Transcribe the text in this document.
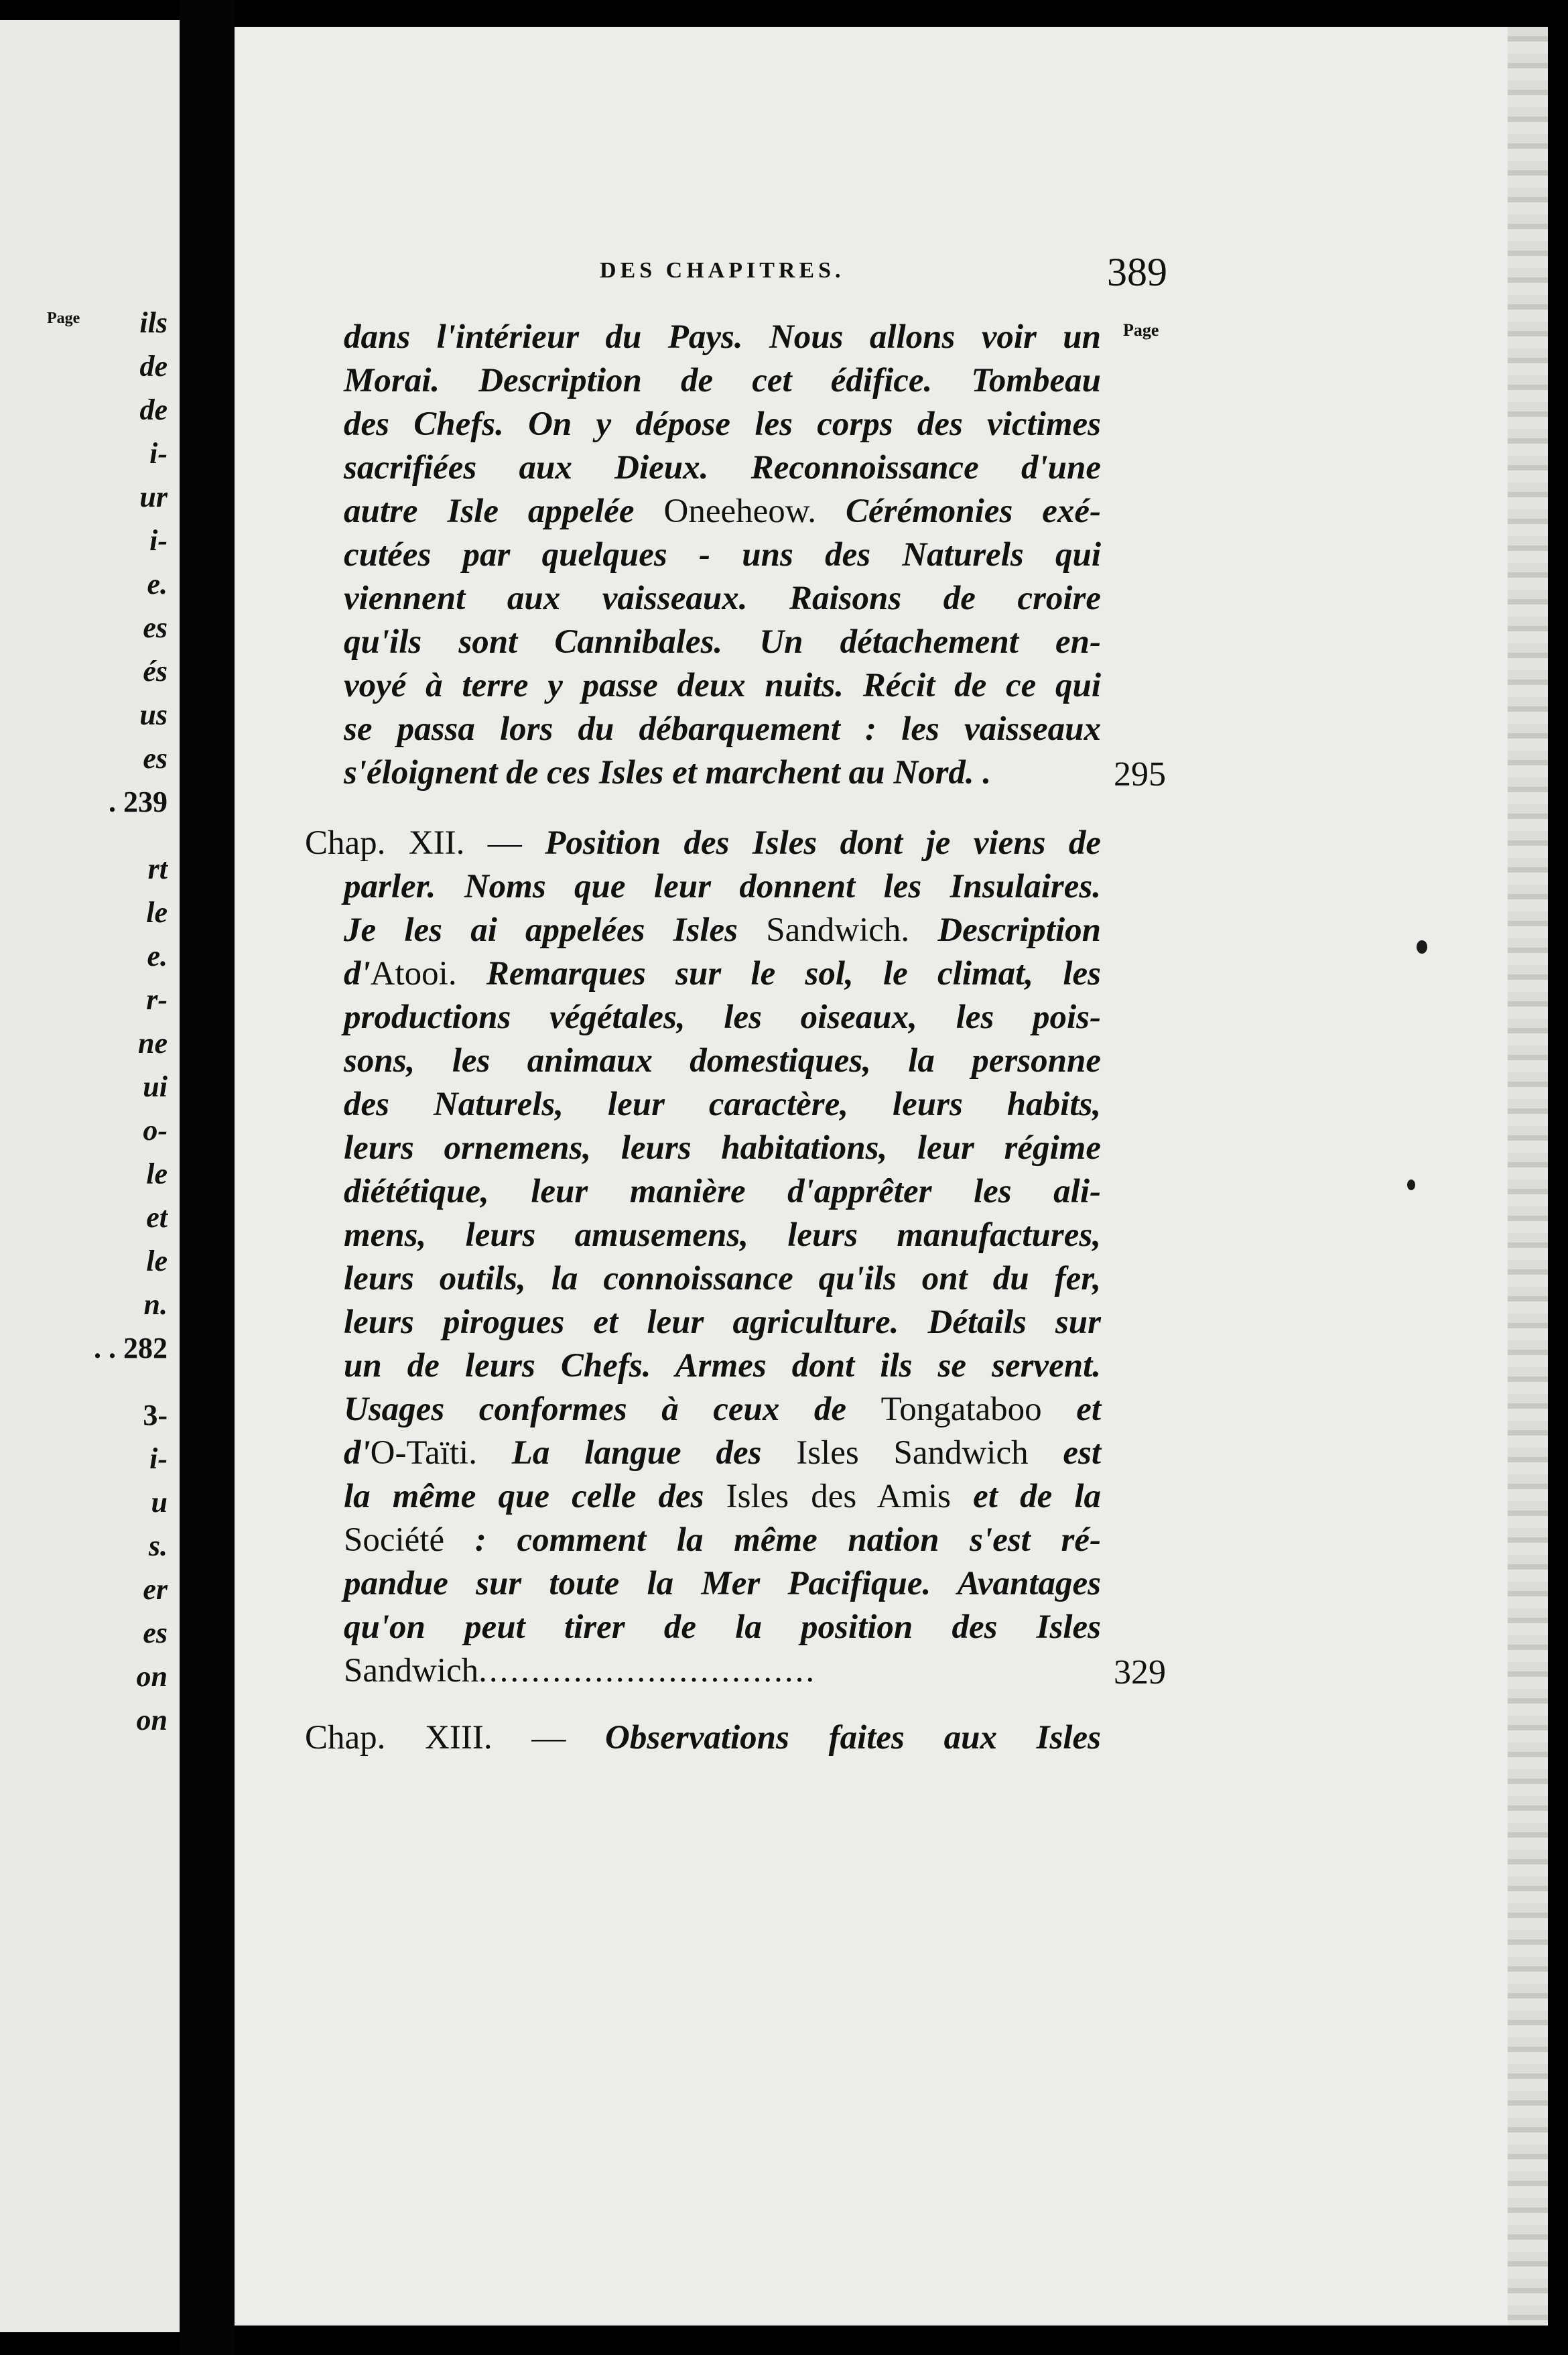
Page	ils
de
de
i-
ur
i-
e.
es
és
us
es
. 239
rt
le
e.
r-
ne
ui
o-
le
et
le
n.
. . 282
3-
i-
u
s.
er
es
on
on
DES CHAPITRES.	389
Page
dans l'intérieur du Pays. Nous allons voir un
Morai. Description de cet édifice. Tombeau
des Chefs. On y dépose les corps des victimes
sacrifiées aux Dieux. Reconnoissance d'une
autre Isle appelée Oneeheow. Cérémonies exé-
cutées par quelques - uns des Naturels qui
viennent aux vaisseaux. Raisons de croire
qu'ils sont Cannibales. Un détachement en-
voyé à terre y passe deux nuits. Récit de ce qui
se passa lors du débarquement : les vaisseaux
s'éloignent de ces Isles et marchent au Nord. .	295
Chap. XII. — Position des Isles dont je viens de
parler. Noms que leur donnent les Insulaires.
Je les ai appelées Isles Sandwich. Description
d'Atooi. Remarques sur le sol, le climat, les
productions végétales, les oiseaux, les pois-
sons, les animaux domestiques, la personne
des Naturels, leur caractère, leurs habits,
leurs ornemens, leurs habitations, leur régime
diététique, leur manière d'apprêter les ali-
mens, leurs amusemens, leurs manufactures,
leurs outils, la connoissance qu'ils ont du fer,
leurs pirogues et leur agriculture. Détails sur
un de leurs Chefs. Armes dont ils se servent.
Usages conformes à ceux de Tongataboo et
d'O-Taïti. La langue des Isles Sandwich est
la même que celle des Isles des Amis et de la
Société : comment la même nation s'est ré-
pandue sur toute la Mer Pacifique. Avantages
qu'on peut tirer de la position des Isles
Sandwich................................	329
Chap. XIII. — Observations faites aux Isles
